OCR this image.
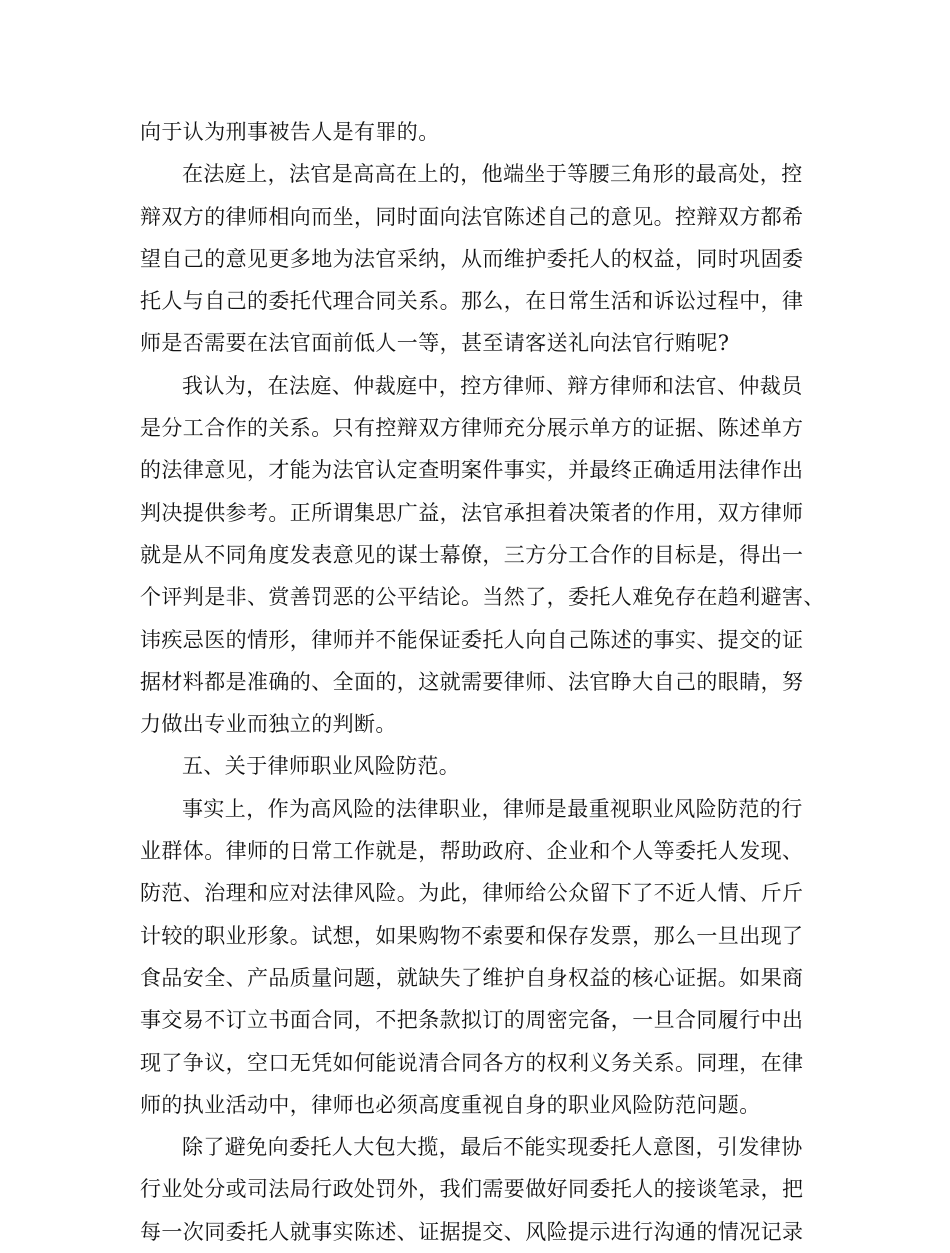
向于认为刑事被告人是有罪的。
在法庭上，法官是高高在上的，他端坐于等腰三角形的最高处，控
辩双方的律师相向而坐，同时面向法官陈述自己的意见。控辩双方都希
望自己的意见更多地为法官采纳，从而维护委托人的权益，同时巩固委
托人与自己的委托代理合同关系。那么，在日常生活和诉讼过程中，律
师是否需要在法官面前低人一等，甚至请客送礼向法官行贿呢?
我认为，在法庭、仲裁庭中，控方律师、辩方律师和法官、仲裁员
是分工合作的关系。只有控辩双方律师充分展示单方的证据、陈述单方
的法律意见，才能为法官认定查明案件事实，并最终正确适用法律作出
判决提供参考。正所谓集思广益，法官承担着决策者的作用，双方律师
就是从不同角度发表意见的谋士幕僚，三方分工合作的目标是，得出一
个评判是非、赏善罚恶的公平结论。当然了，委托人难免存在趋利避害、
讳疾忌医的情形，律师并不能保证委托人向自己陈述的事实、提交的证
据材料都是准确的、全面的，这就需要律师、法官睁大自己的眼睛，努
力做出专业而独立的判断。
五、关于律师职业风险防范。
事实上，作为高风险的法律职业，律师是最重视职业风险防范的行
业群体。律师的日常工作就是，帮助政府、企业和个人等委托人发现、
防范、治理和应对法律风险。为此，律师给公众留下了不近人情、斤斤
计较的职业形象。试想，如果购物不索要和保存发票，那么一旦出现了
食品安全、产品质量问题，就缺失了维护自身权益的核心证据。如果商
事交易不订立书面合同，不把条款拟订的周密完备，一旦合同履行中出
现了争议，空口无凭如何能说清合同各方的权利义务关系。同理，在律
师的执业活动中，律师也必须高度重视自身的职业风险防范问题。
除了避免向委托人大包大揽，最后不能实现委托人意图，引发律协
行业处分或司法局行政处罚外，我们需要做好同委托人的接谈笔录，把
每一次同委托人就事实陈述、证据提交、风险提示进行沟通的情况记录
